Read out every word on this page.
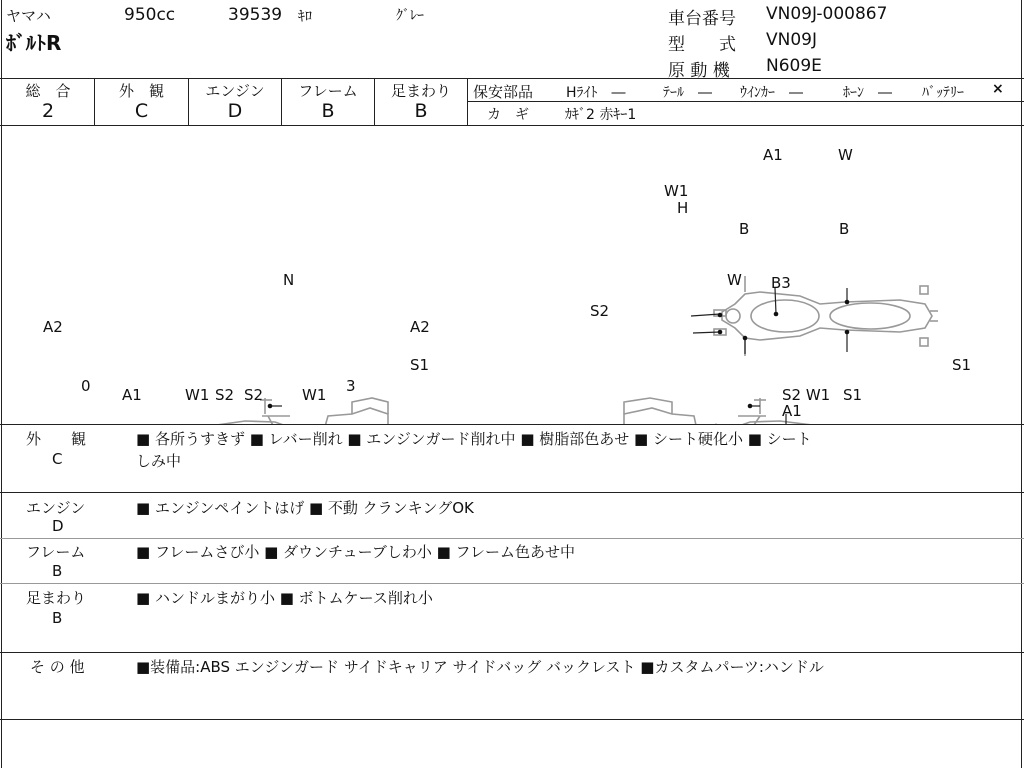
ヤマハ	950cc	39539 ｷﾛ	ｸﾞﾚｰ
ﾎﾞﾙﾄR
車台番号 VN09J-000867
型　　式 VN09J
原 動 機 N609E
総　合
2
外　観
C
エンジン
D
フレーム
B
足まわり
B
保安部品 Hﾗｲﾄ　―	ﾃｰﾙ　― ｳｲﾝｶｰ　―	ﾎｰﾝ　― ﾊﾞｯﾃﾘｰ ×
カ　ギ	ｶｷﾞ2 赤ｷｰ1
A1	W
W1
H
B	B
N
A2	A2
S1
0	3
A1	W1 S2 S2	W1
W B3
S2
S1
S2 W1 S1
A1
外　　観
C
■ 各所うすきず ■ レバー削れ ■ エンジンガード削れ中 ■ 樹脂部色あせ ■ シート硬化小 ■ シート
しみ中
エンジン
D
■ エンジンペイントはげ ■ 不動 クランキングOK
フレーム
B
■ フレームさび小 ■ ダウンチューブしわ小 ■ フレーム色あせ中
足まわり
B
■ ハンドルまがり小 ■ ボトムケース削れ小
そ の 他	■装備品:ABS エンジンガード サイドキャリア サイドバッグ バックレスト ■カスタムパーツ:ハンドル
